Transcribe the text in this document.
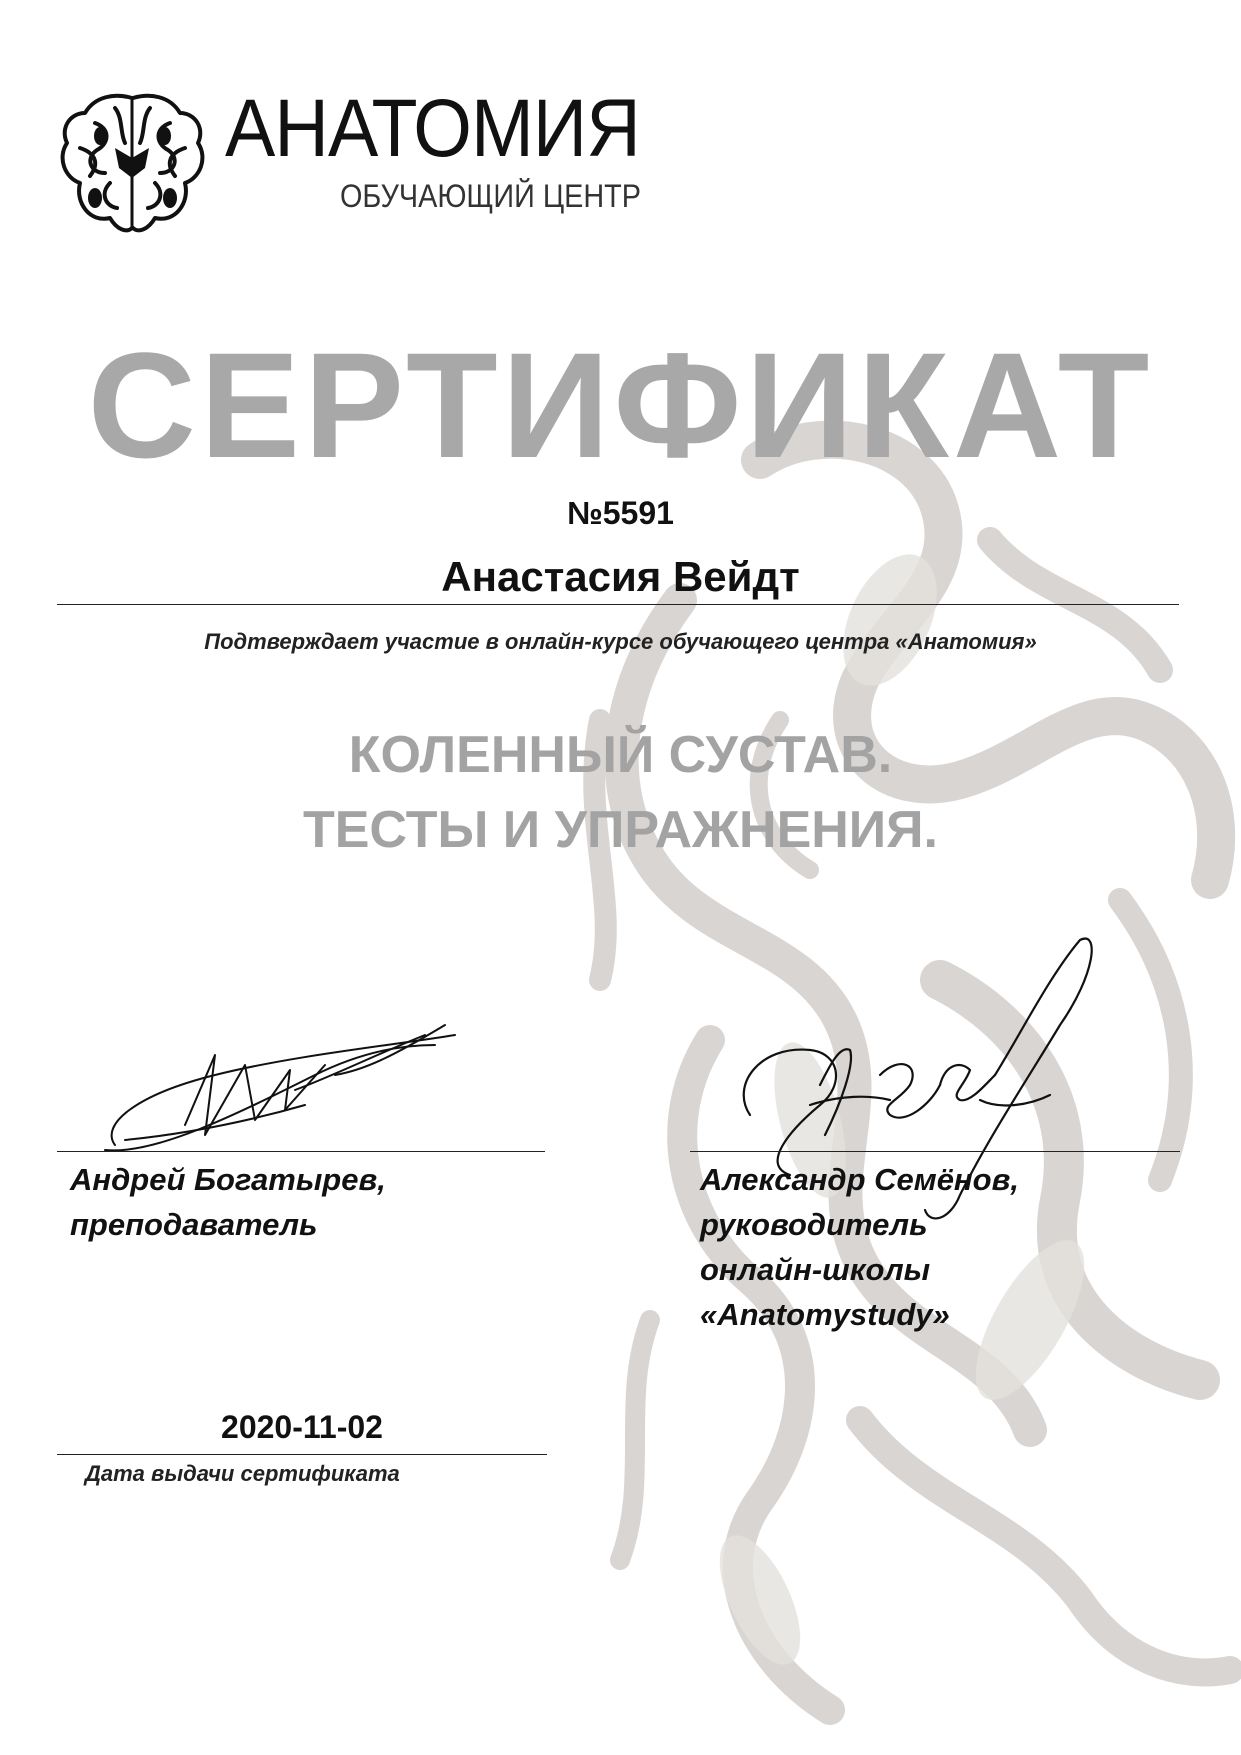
АНАТОМИЯ
ОБУЧАЮЩИЙ ЦЕНТР
СЕРТИФИКАТ
№5591
Анастасия Вейдт
Подтверждает участие в онлайн-курсе обучающего центра «Анатомия»
КОЛЕННЫЙ СУСТАВ.
ТЕСТЫ И УПРАЖНЕНИЯ.
Андрей Богатырев,
преподаватель
Александр Семёнов,
руководитель
онлайн-школы
«Anatomystudy»
2020-11-02
Дата выдачи сертификата
